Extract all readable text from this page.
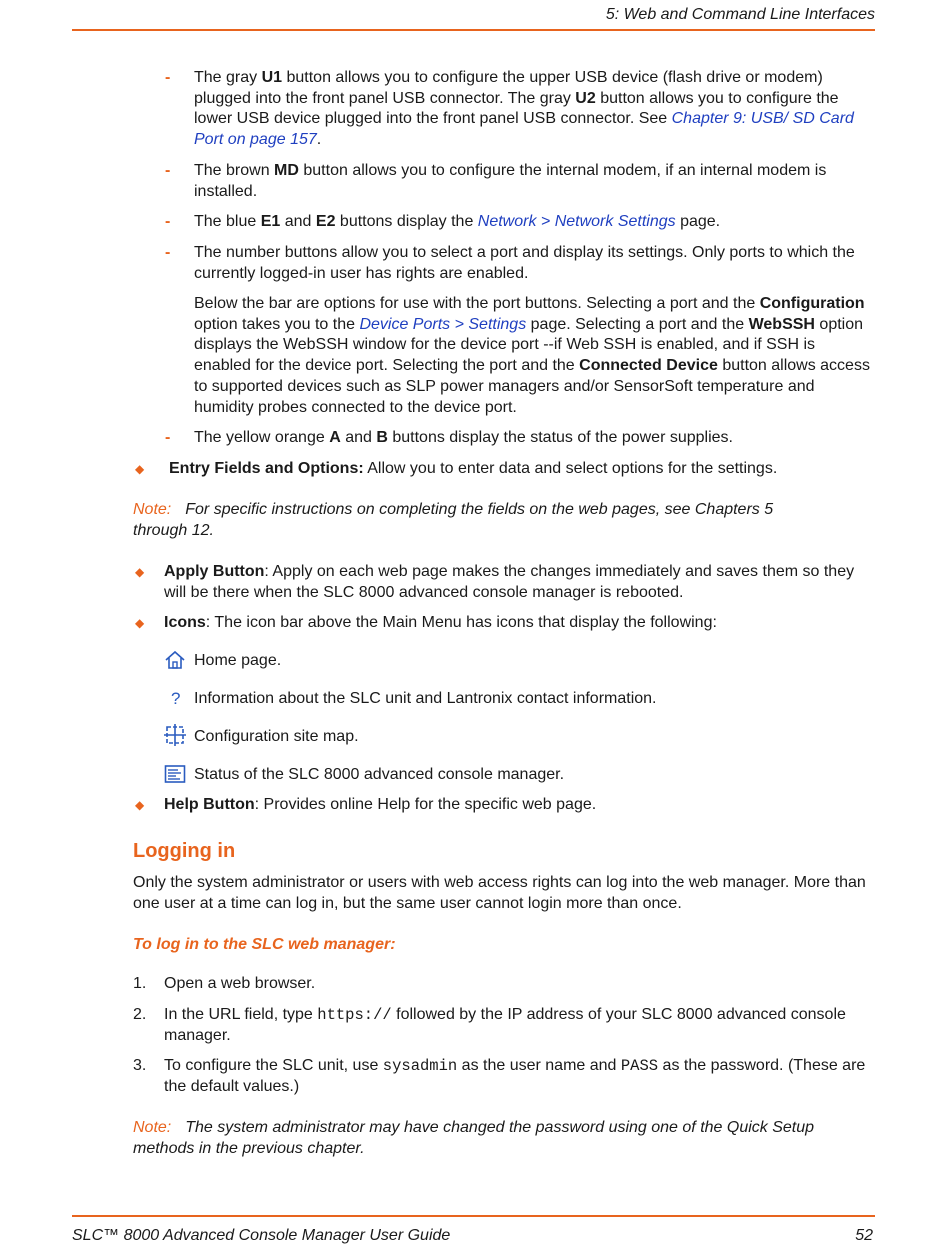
5: Web and Command Line Interfaces
- The gray U1 button allows you to configure the upper USB device (flash drive or modem) plugged into the front panel USB connector. The gray U2 button allows you to configure the lower USB device plugged into the front panel USB connector. See Chapter 9: USB/ SD Card Port on page 157.
- The brown MD button allows you to configure the internal modem, if an internal modem is installed.
- The blue E1 and E2 buttons display the Network > Network Settings page.
- The number buttons allow you to select a port and display its settings. Only ports to which the currently logged-in user has rights are enabled.
Below the bar are options for use with the port buttons. Selecting a port and the Configuration option takes you to the Device Ports > Settings page. Selecting a port and the WebSSH option displays the WebSSH window for the device port --if Web SSH is enabled, and if SSH is enabled for the device port. Selecting the port and the Connected Device button allows access to supported devices such as SLP power managers and/or SensorSoft temperature and humidity probes connected to the device port.
- The yellow orange A and B buttons display the status of the power supplies.
◆ Entry Fields and Options: Allow you to enter data and select options for the settings.
Note: For specific instructions on completing the fields on the web pages, see Chapters 5 through 12.
◆ Apply Button: Apply on each web page makes the changes immediately and saves them so they will be there when the SLC 8000 advanced console manager is rebooted.
◆ Icons: The icon bar above the Main Menu has icons that display the following:
Home page.
? Information about the SLC unit and Lantronix contact information.
Configuration site map.
Status of the SLC 8000 advanced console manager.
◆ Help Button: Provides online Help for the specific web page.
Logging in
Only the system administrator or users with web access rights can log into the web manager. More than one user at a time can log in, but the same user cannot login more than once.
To log in to the SLC web manager:
1. Open a web browser.
2. In the URL field, type https:// followed by the IP address of your SLC 8000 advanced console manager.
3. To configure the SLC unit, use sysadmin as the user name and PASS as the password. (These are the default values.)
Note: The system administrator may have changed the password using one of the Quick Setup methods in the previous chapter.
SLC™ 8000 Advanced Console Manager User Guide	52
